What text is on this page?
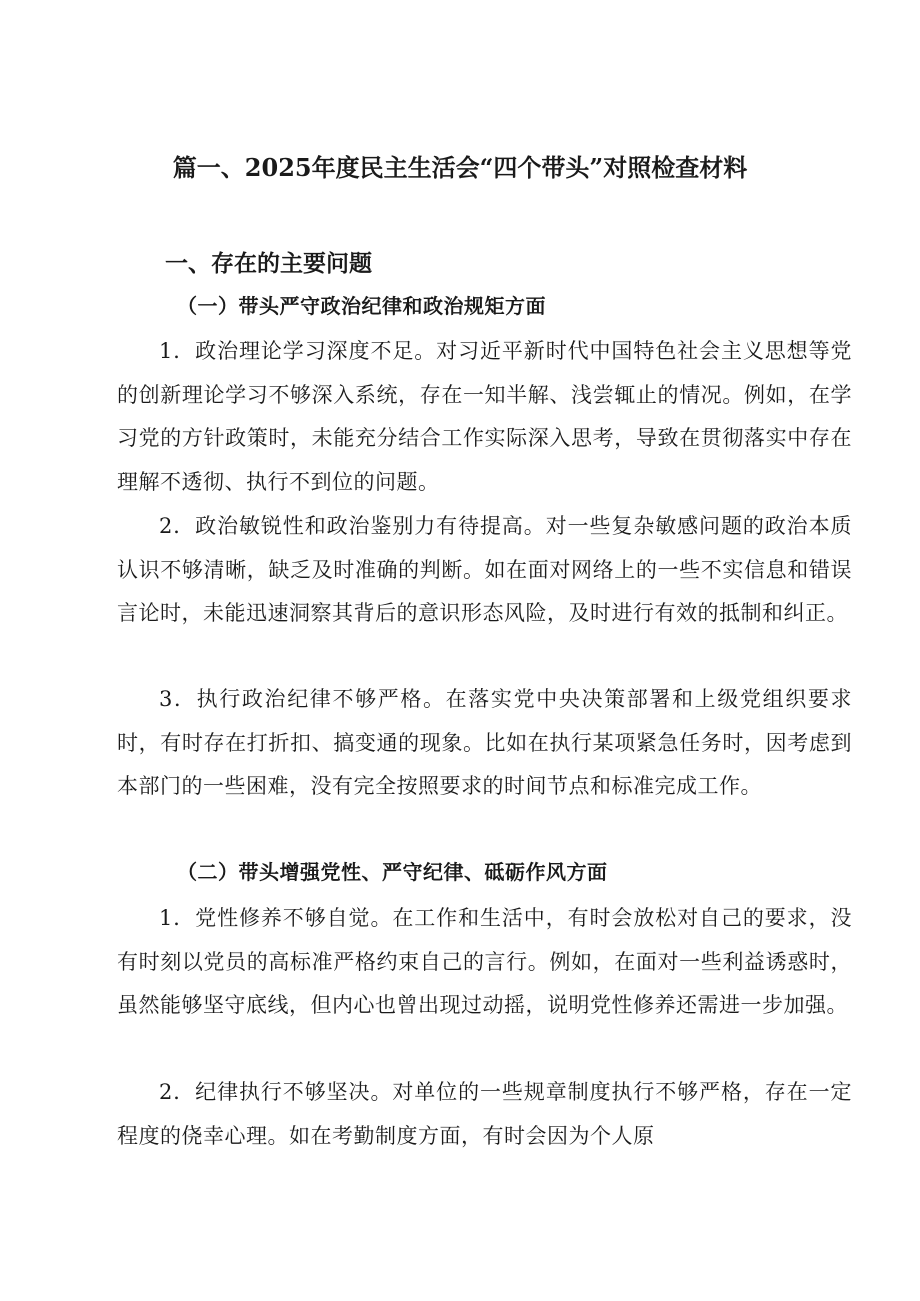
篇一、2025年度民主生活会“四个带头”对照检查材料
一、存在的主要问题
（一）带头严守政治纪律和政治规矩方面

1．政治理论学习深度不足。对习近平新时代中国特色社会主义思想等党的创新理论学习不够深入系统，存在一知半解、浅尝辄止的情况。例如，在学习党的方针政策时，未能充分结合工作实际深入思考，导致在贯彻落实中存在理解不透彻、执行不到位的问题。

2．政治敏锐性和政治鉴别力有待提高。对一些复杂敏感问题的政治本质认识不够清晰，缺乏及时准确的判断。如在面对网络上的一些不实信息和错误言论时，未能迅速洞察其背后的意识形态风险，及时进行有效的抵制和纠正。

3．执行政治纪律不够严格。在落实党中央决策部署和上级党组织要求时，有时存在打折扣、搞变通的现象。比如在执行某项紧急任务时，因考虑到本部门的一些困难，没有完全按照要求的时间节点和标准完成工作。

（二）带头增强党性、严守纪律、砥砺作风方面

1．党性修养不够自觉。在工作和生活中，有时会放松对自己的要求，没有时刻以党员的高标准严格约束自己的言行。例如，在面对一些利益诱惑时，虽然能够坚守底线，但内心也曾出现过动摇，说明党性修养还需进一步加强。

2．纪律执行不够坚决。对单位的一些规章制度执行不够严格，存在一定程度的侥幸心理。如在考勤制度方面，有时会因为个人原
